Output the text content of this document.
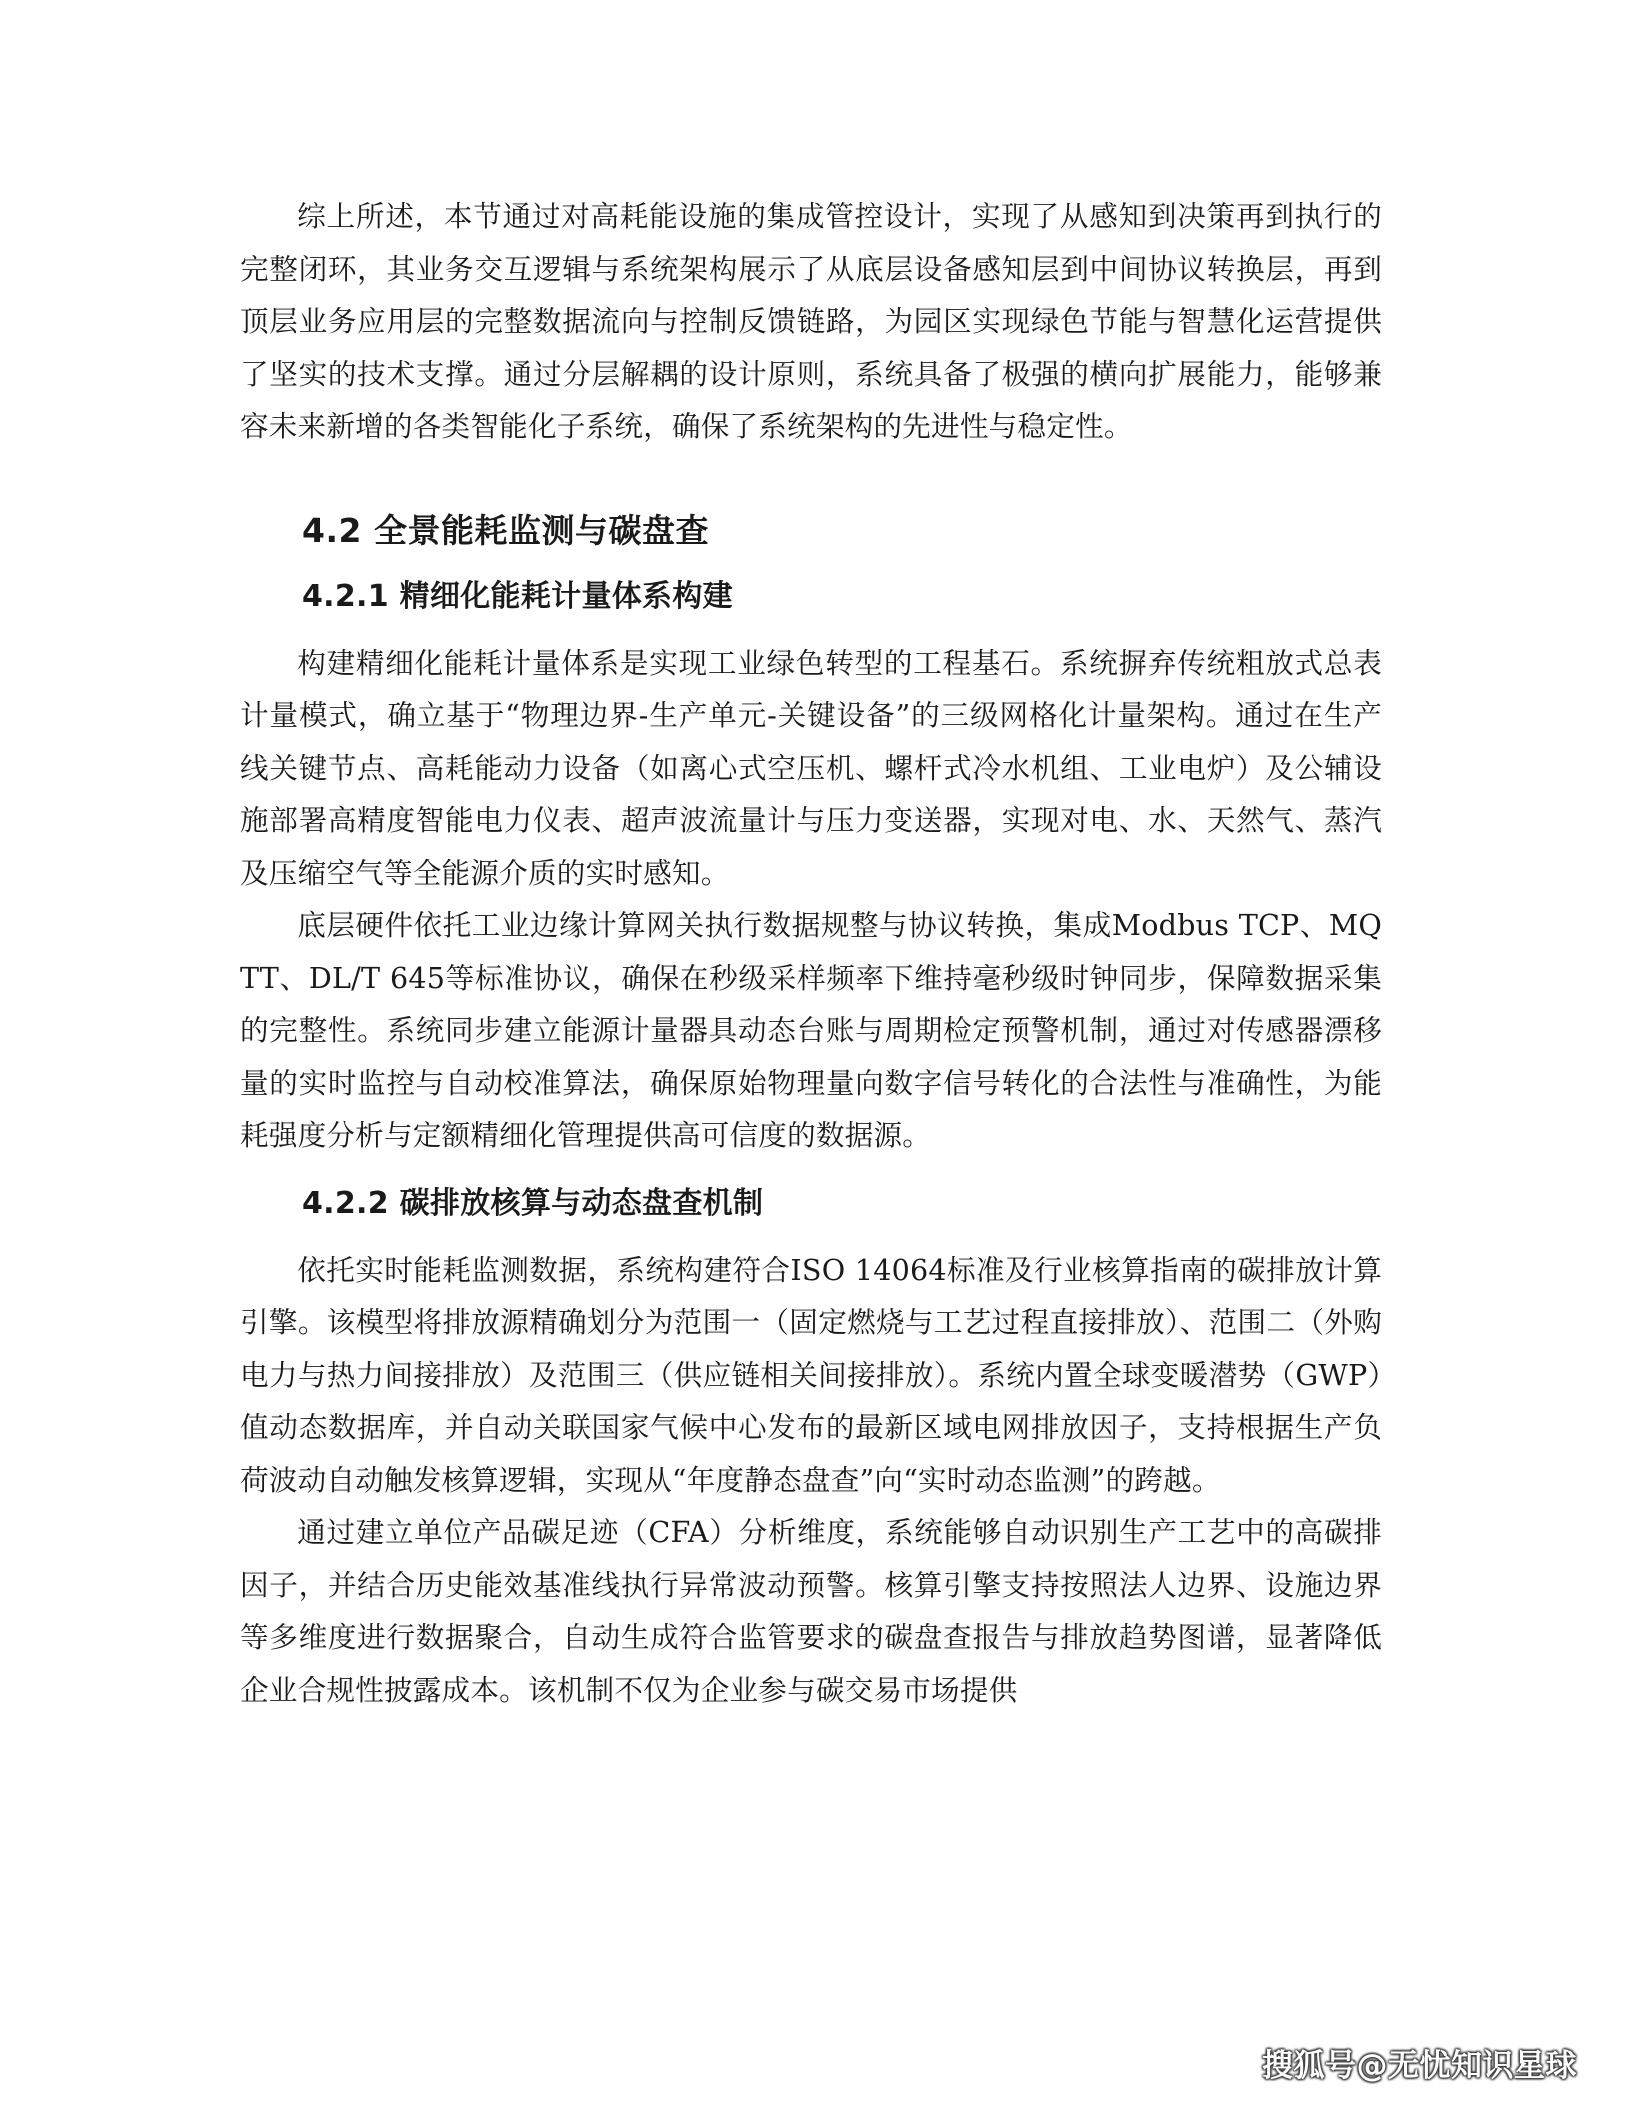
综上所述，本节通过对高耗能设施的集成管控设计，实现了从感知到决策再到执行的完整闭环，其业务交互逻辑与系统架构展示了从底层设备感知层到中间协议转换层，再到顶层业务应用层的完整数据流向与控制反馈链路，为园区实现绿色节能与智慧化运营提供了坚实的技术支撑。通过分层解耦的设计原则，系统具备了极强的横向扩展能力，能够兼容未来新增的各类智能化子系统，确保了系统架构的先进性与稳定性。

4.2 全景能耗监测与碳盘查
4.2.1 精细化能耗计量体系构建

构建精细化能耗计量体系是实现工业绿色转型的工程基石。系统摒弃传统粗放式总表计量模式，确立基于“物理边界-生产单元-关键设备”的三级网格化计量架构。通过在生产线关键节点、高耗能动力设备（如离心式空压机、螺杆式冷水机组、工业电炉）及公辅设施部署高精度智能电力仪表、超声波流量计与压力变送器，实现对电、水、天然气、蒸汽及压缩空气等全能源介质的实时感知。

底层硬件依托工业边缘计算网关执行数据规整与协议转换，集成Modbus TCP、MQTT、DL/T 645等标准协议，确保在秒级采样频率下维持毫秒级时钟同步，保障数据采集的完整性。系统同步建立能源计量器具动态台账与周期检定预警机制，通过对传感器漂移量的实时监控与自动校准算法，确保原始物理量向数字信号转化的合法性与准确性，为能耗强度分析与定额精细化管理提供高可信度的数据源。

4.2.2 碳排放核算与动态盘查机制

依托实时能耗监测数据，系统构建符合ISO 14064标准及行业核算指南的碳排放计算引擎。该模型将排放源精确划分为范围一（固定燃烧与工艺过程直接排放）、范围二（外购电力与热力间接排放）及范围三（供应链相关间接排放）。系统内置全球变暖潜势（GWP）值动态数据库，并自动关联国家气候中心发布的最新区域电网排放因子，支持根据生产负荷波动自动触发核算逻辑，实现从“年度静态盘查”向“实时动态监测”的跨越。

通过建立单位产品碳足迹（CFA）分析维度，系统能够自动识别生产工艺中的高碳排因子，并结合历史能效基准线执行异常波动预警。核算引擎支持按照法人边界、设施边界等多维度进行数据聚合，自动生成符合监管要求的碳盘查报告与排放趋势图谱，显著降低企业合规性披露成本。该机制不仅为企业参与碳交易市场提供

搜狐号@无忧知识星球
